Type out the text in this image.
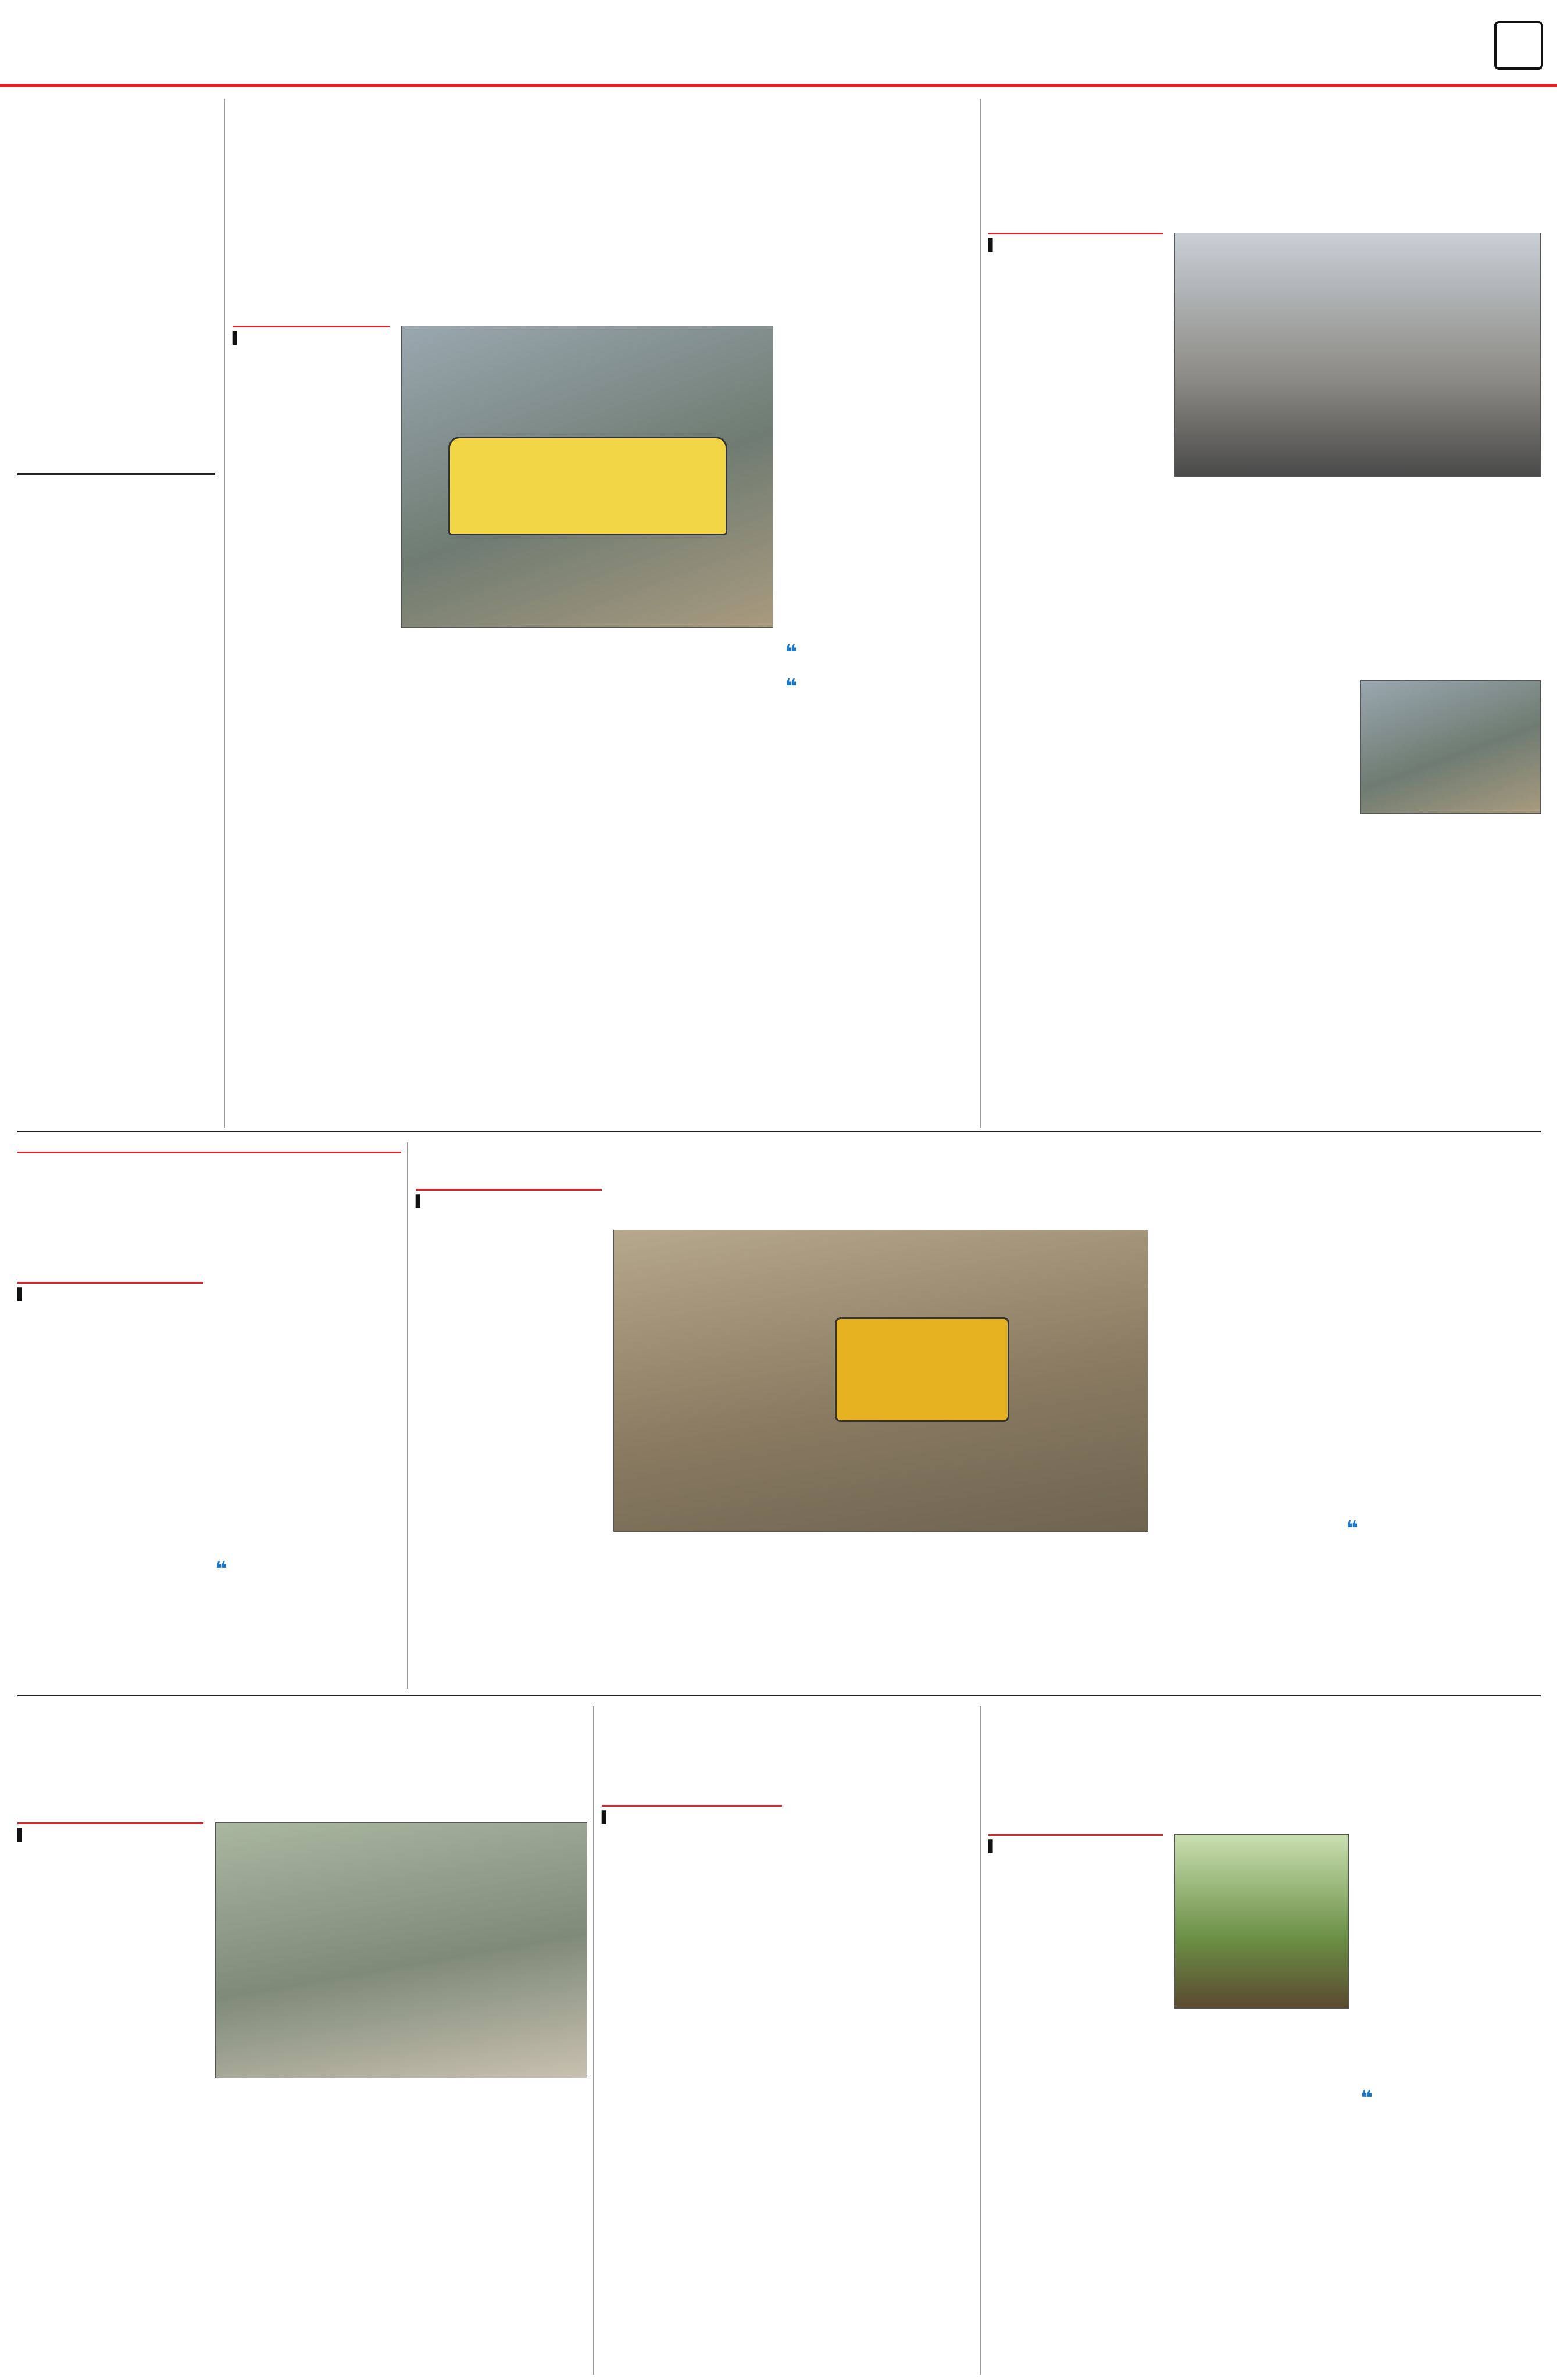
▌
❝
❝
▌
▌
❝
▌
❝
▌
▌
▌
❝
